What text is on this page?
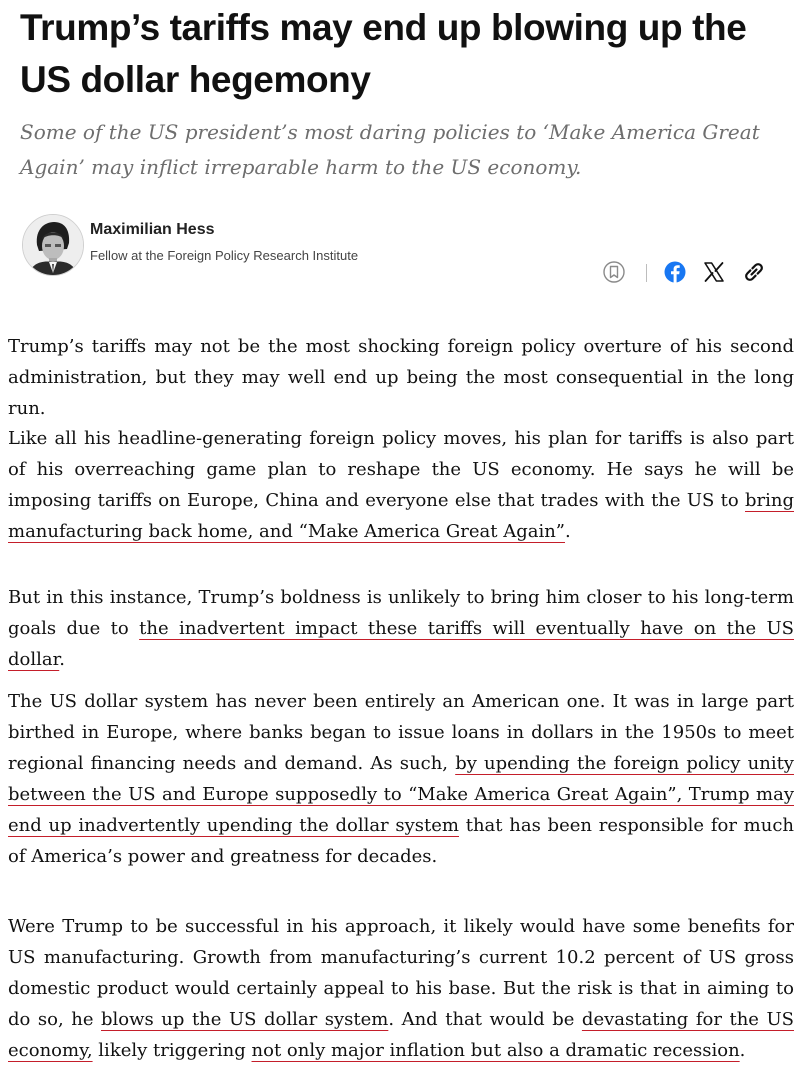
Trump’s tariffs may end up blowing up the US dollar hegemony

Some of the US president’s most daring policies to ‘Make America Great Again’ may inflict irreparable harm to the US economy.

Maximilian Hess
Fellow at the Foreign Policy Research Institute

Trump’s tariffs may not be the most shocking foreign policy overture of his second administration, but they may well end up being the most consequential in the long run.

Like all his headline-generating foreign policy moves, his plan for tariffs is also part of his overreaching game plan to reshape the US economy. He says he will be imposing tariffs on Europe, China and everyone else that trades with the US to bring manufacturing back home, and “Make America Great Again”.

But in this instance, Trump’s boldness is unlikely to bring him closer to his long-term goals due to the inadvertent impact these tariffs will eventually have on the US dollar.

The US dollar system has never been entirely an American one. It was in large part birthed in Europe, where banks began to issue loans in dollars in the 1950s to meet regional financing needs and demand. As such, by upending the foreign policy unity between the US and Europe supposedly to “Make America Great Again”, Trump may end up inadvertently upending the dollar system that has been responsible for much of America’s power and greatness for decades.

Were Trump to be successful in his approach, it likely would have some benefits for US manufacturing. Growth from manufacturing’s current 10.2 percent of US gross domestic product would certainly appeal to his base. But the risk is that in aiming to do so, he blows up the US dollar system. And that would be devastating for the US economy, likely triggering not only major inflation but also a dramatic recession.
